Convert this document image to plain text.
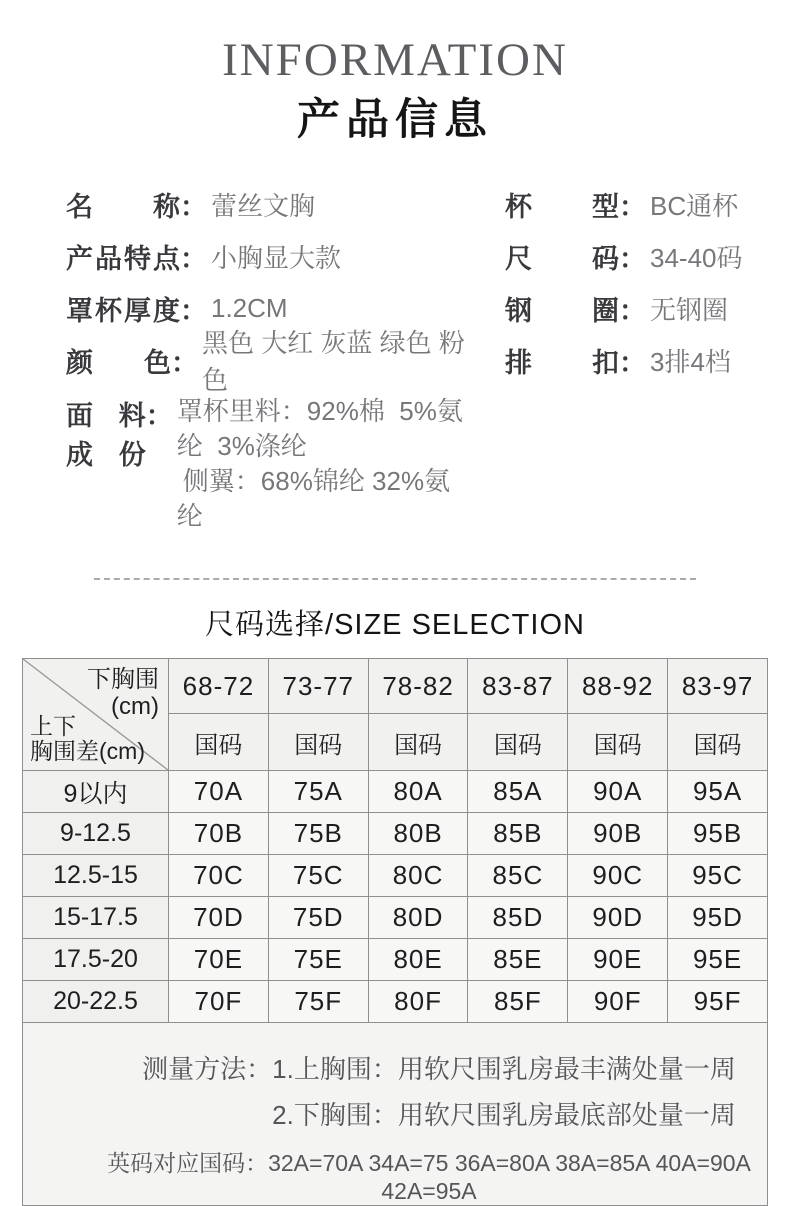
INFORMATION
产品信息
名称 ： 蕾丝文胸
产品特点 ： 小胸显大款
罩杯厚度 ： 1.2CM
颜色 ：
黑色 大红 灰蓝 绿色 粉色
面料成份
： 罩杯里料：92%棉  5%氨纶  3%涤纶
侧翼：68%锦纶 32%氨纶
杯型 ： BC通杯
尺码 ： 34-40码
钢圈 ： 无钢圈
排扣 ： 3排4档
尺码选择/SIZE SELECTION
下胸围
(cm)
上下
胸围差(cm)	68-72	73-77	78-82	83-87	88-92	83-97
	国码	国码	国码	国码	国码	国码
9以内	70A	75A	80A	85A	90A	95A
9-12.5	70B	75B	80B	85B	90B	95B
12.5-15	70C	75C	80C	85C	90C	95C
15-17.5	70D	75D	80D	85D	90D	95D
17.5-20	70E	75E	80E	85E	90E	95E
20-22.5	70F	75F	80F	85F	90F	95F

测量方法：1.上胸围：用软尺围乳房最丰满处量一周
2.下胸围：用软尺围乳房最底部处量一周
英码对应国码：32A=70A 34A=75 36A=80A 38A=85A 40A=90A 42A=95A						
